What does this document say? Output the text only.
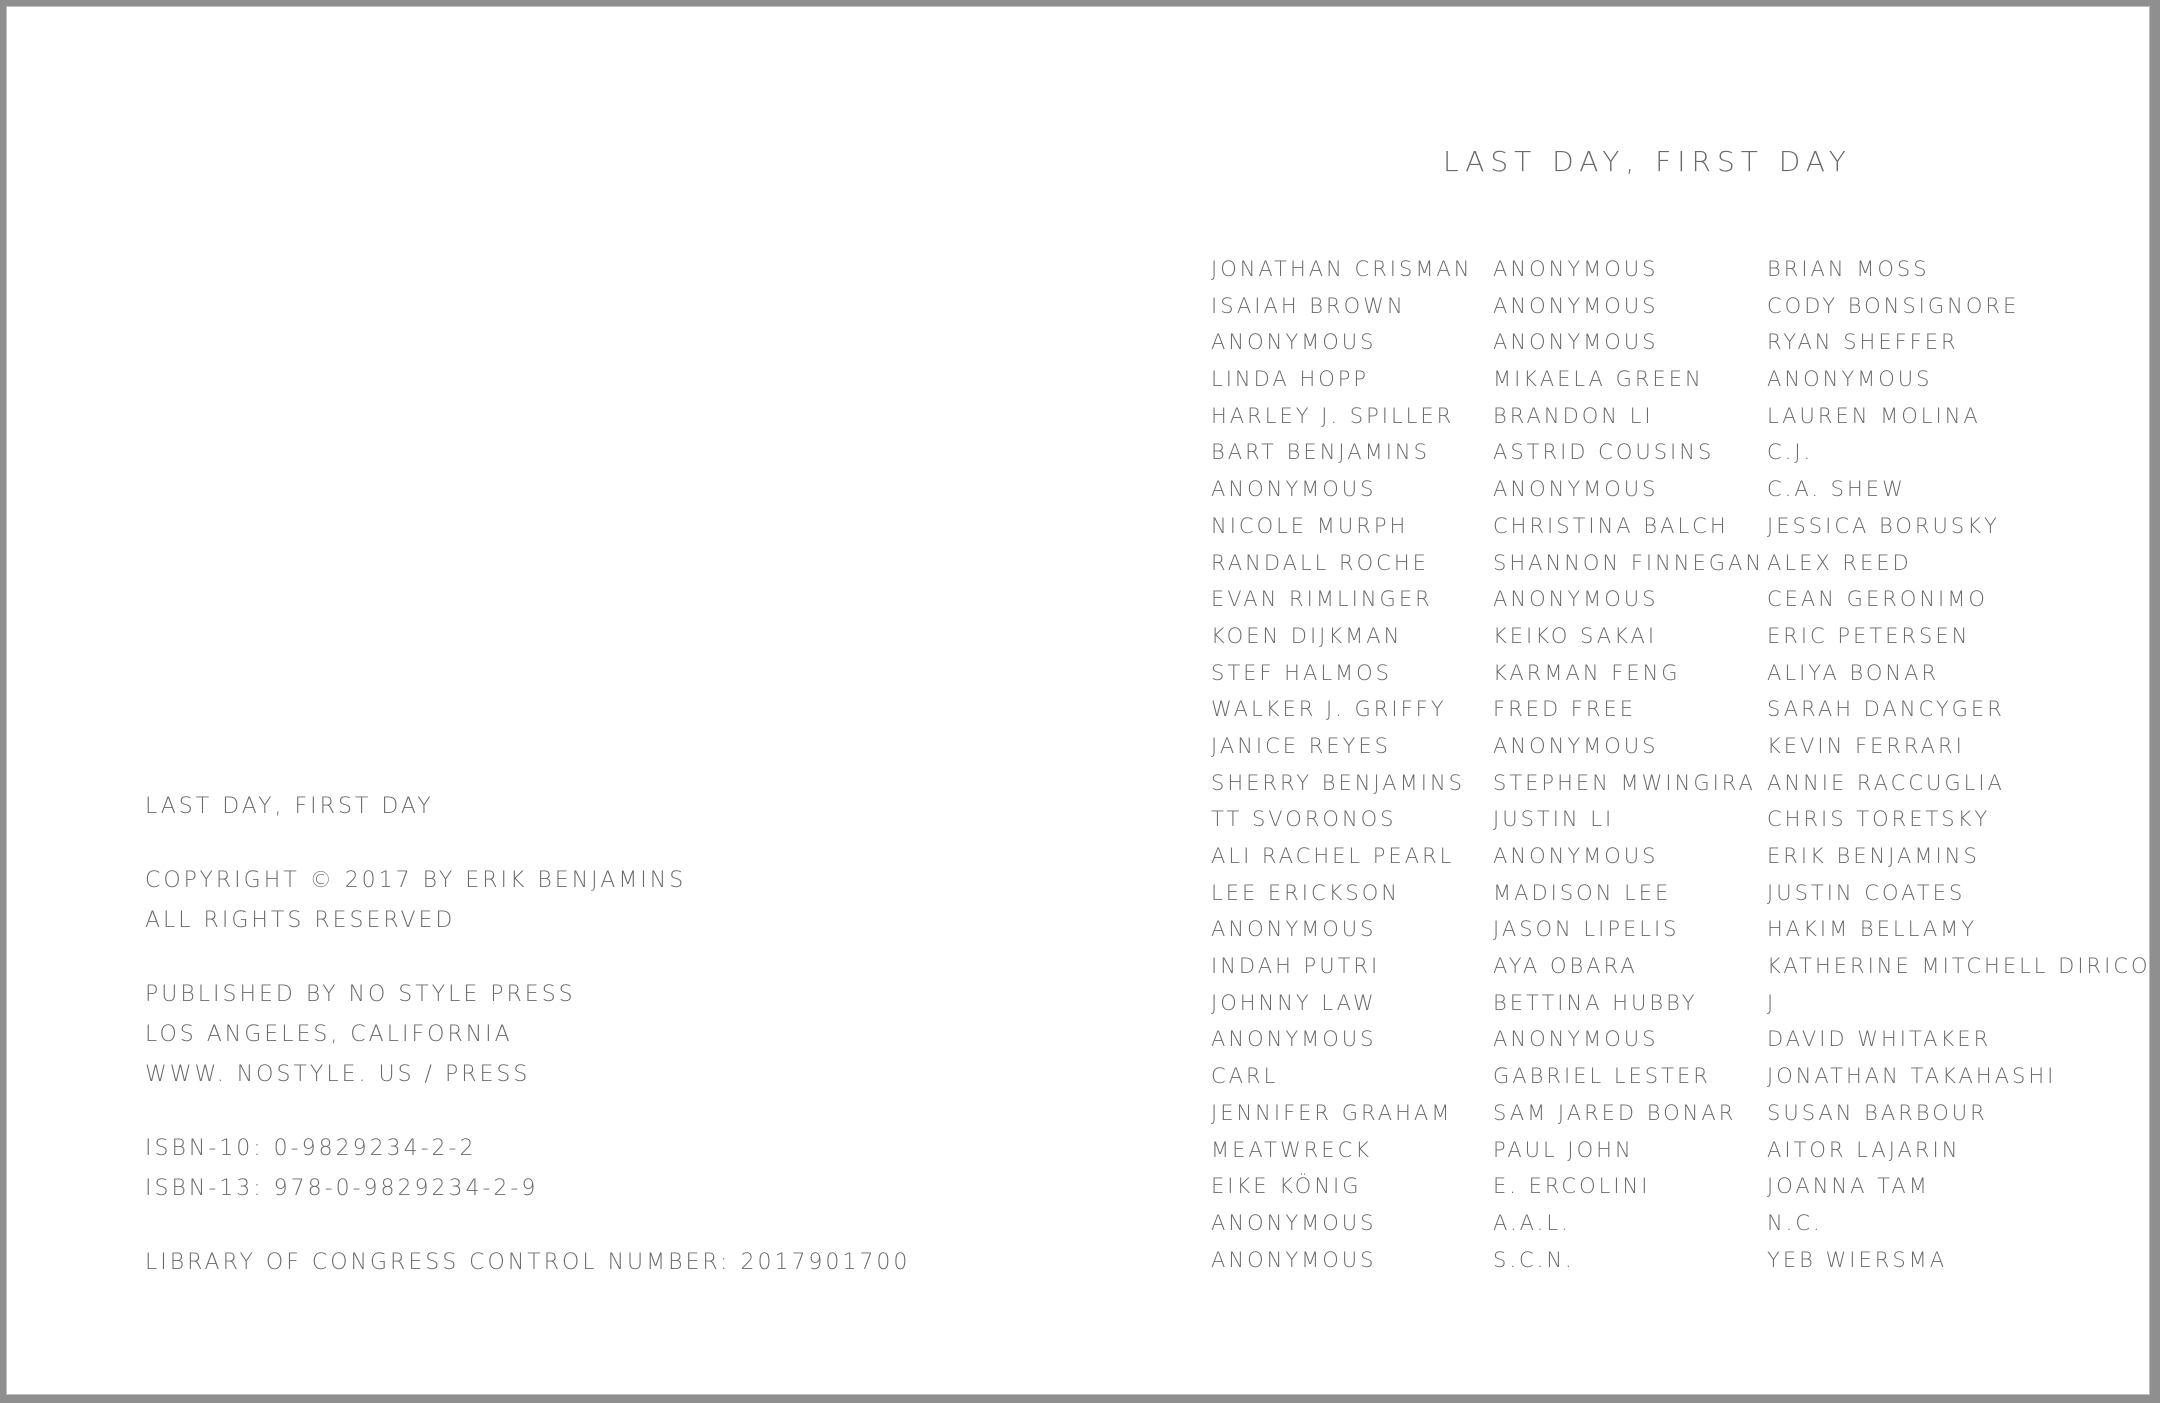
LAST DAY, FIRST DAY
COPYRIGHT © 2017 BY ERIK BENJAMINS
ALL RIGHTS RESERVED
PUBLISHED BY NO STYLE PRESS
LOS ANGELES, CALIFORNIA
WWW. NOSTYLE. US / PRESS
ISBN-10: 0-9829234-2-2
ISBN-13: 978-0-9829234-2-9
LIBRARY OF CONGRESS CONTROL NUMBER: 2017901700
LAST DAY, FIRST DAY
JONATHAN CRISMAN
ISAIAH BROWN
ANONYMOUS
LINDA HOPP
HARLEY J. SPILLER
BART BENJAMINS
ANONYMOUS
NICOLE MURPH
RANDALL ROCHE
EVAN RIMLINGER
KOEN DIJKMAN
STEF HALMOS
WALKER J. GRIFFY
JANICE REYES
SHERRY BENJAMINS
TT SVORONOS
ALI RACHEL PEARL
LEE ERICKSON
ANONYMOUS
INDAH PUTRI
JOHNNY LAW
ANONYMOUS
CARL
JENNIFER GRAHAM
MEATWRECK
EIKE KÖNIG
ANONYMOUS
ANONYMOUS
ANONYMOUS
ANONYMOUS
ANONYMOUS
MIKAELA GREEN
BRANDON LI
ASTRID COUSINS
ANONYMOUS
CHRISTINA BALCH
SHANNON FINNEGAN
ANONYMOUS
KEIKO SAKAI
KARMAN FENG
FRED FREE
ANONYMOUS
STEPHEN MWINGIRA
JUSTIN LI
ANONYMOUS
MADISON LEE
JASON LIPELIS
AYA OBARA
BETTINA HUBBY
ANONYMOUS
GABRIEL LESTER
SAM JARED BONAR
PAUL JOHN
E. ERCOLINI
A.A.L.
S.C.N.
BRIAN MOSS
CODY BONSIGNORE
RYAN SHEFFER
ANONYMOUS
LAUREN MOLINA
C.J.
C.A. SHEW
JESSICA BORUSKY
ALEX REED
CEAN GERONIMO
ERIC PETERSEN
ALIYA BONAR
SARAH DANCYGER
KEVIN FERRARI
ANNIE RACCUGLIA
CHRIS TORETSKY
ERIK BENJAMINS
JUSTIN COATES
HAKIM BELLAMY
KATHERINE MITCHELL DIRICO
J
DAVID WHITAKER
JONATHAN TAKAHASHI
SUSAN BARBOUR
AITOR LAJARIN
JOANNA TAM
N.C.
YEB WIERSMA
